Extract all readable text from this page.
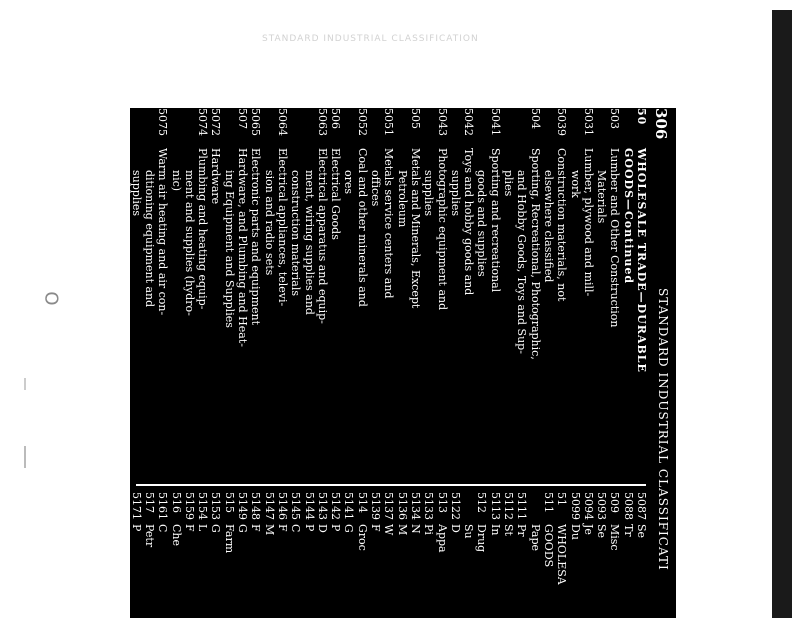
STANDARD INDUSTRIAL CLASSIFICATION
O
306
STANDARD INDUSTRIAL CLASSIFICATI
50
WHOLESALE TRADE—DURABLE
GOODS—Continued
503
Lumber and Other Construction
Materials
5031
Lumber, plywood and mill-
work
5039
Construction materials, not
elsewhere classified
504
Sporting, Recreational, Photographic,
and Hobby Goods, Toys and Sup-
plies
5041
Sporting and recreational
goods and supplies
5042
Toys and hobby goods and
supplies
5043
Photographic equipment and
supplies
505
Metals and Minerals, Except
Petroleum
5051
Metals service centers and
offices
5052
Coal and other minerals and
ores
506
Electrical Goods
5063
Electrical apparatus and equip-
ment, wiring supplies and
construction materials
5064
Electrical appliances, televi-
sion and radio sets
5065
Electronic parts and equipment
507
Hardware, and Plumbing and Heat-
ing Equipment and Supplies
5072
Hardware
5074
Plumbing and heating equip-
ment and supplies (hydro-
nic)
5075
Warm air heating and air con-
ditioning equipment and
supplies
5087
Se
5088
Tr
509
Misc
5093
Se
5094
Je
5099
Du
51
WHOLESA
511
GOODS
Pape
5111
Pr
5112
St
5113
In
512
Drug
Su
5122
D
513
Appa
5133
Pi
5134
N
5136
M
5137
W
5139
F
514
Groc
5141
G
5142
P
5143
D
5144
P
5145
C
5146
F
5147
M
5148
F
5149
G
515
Farm
5153
G
5154
L
5159
F
516
Che
5161
C
517
Petr
5171
P
